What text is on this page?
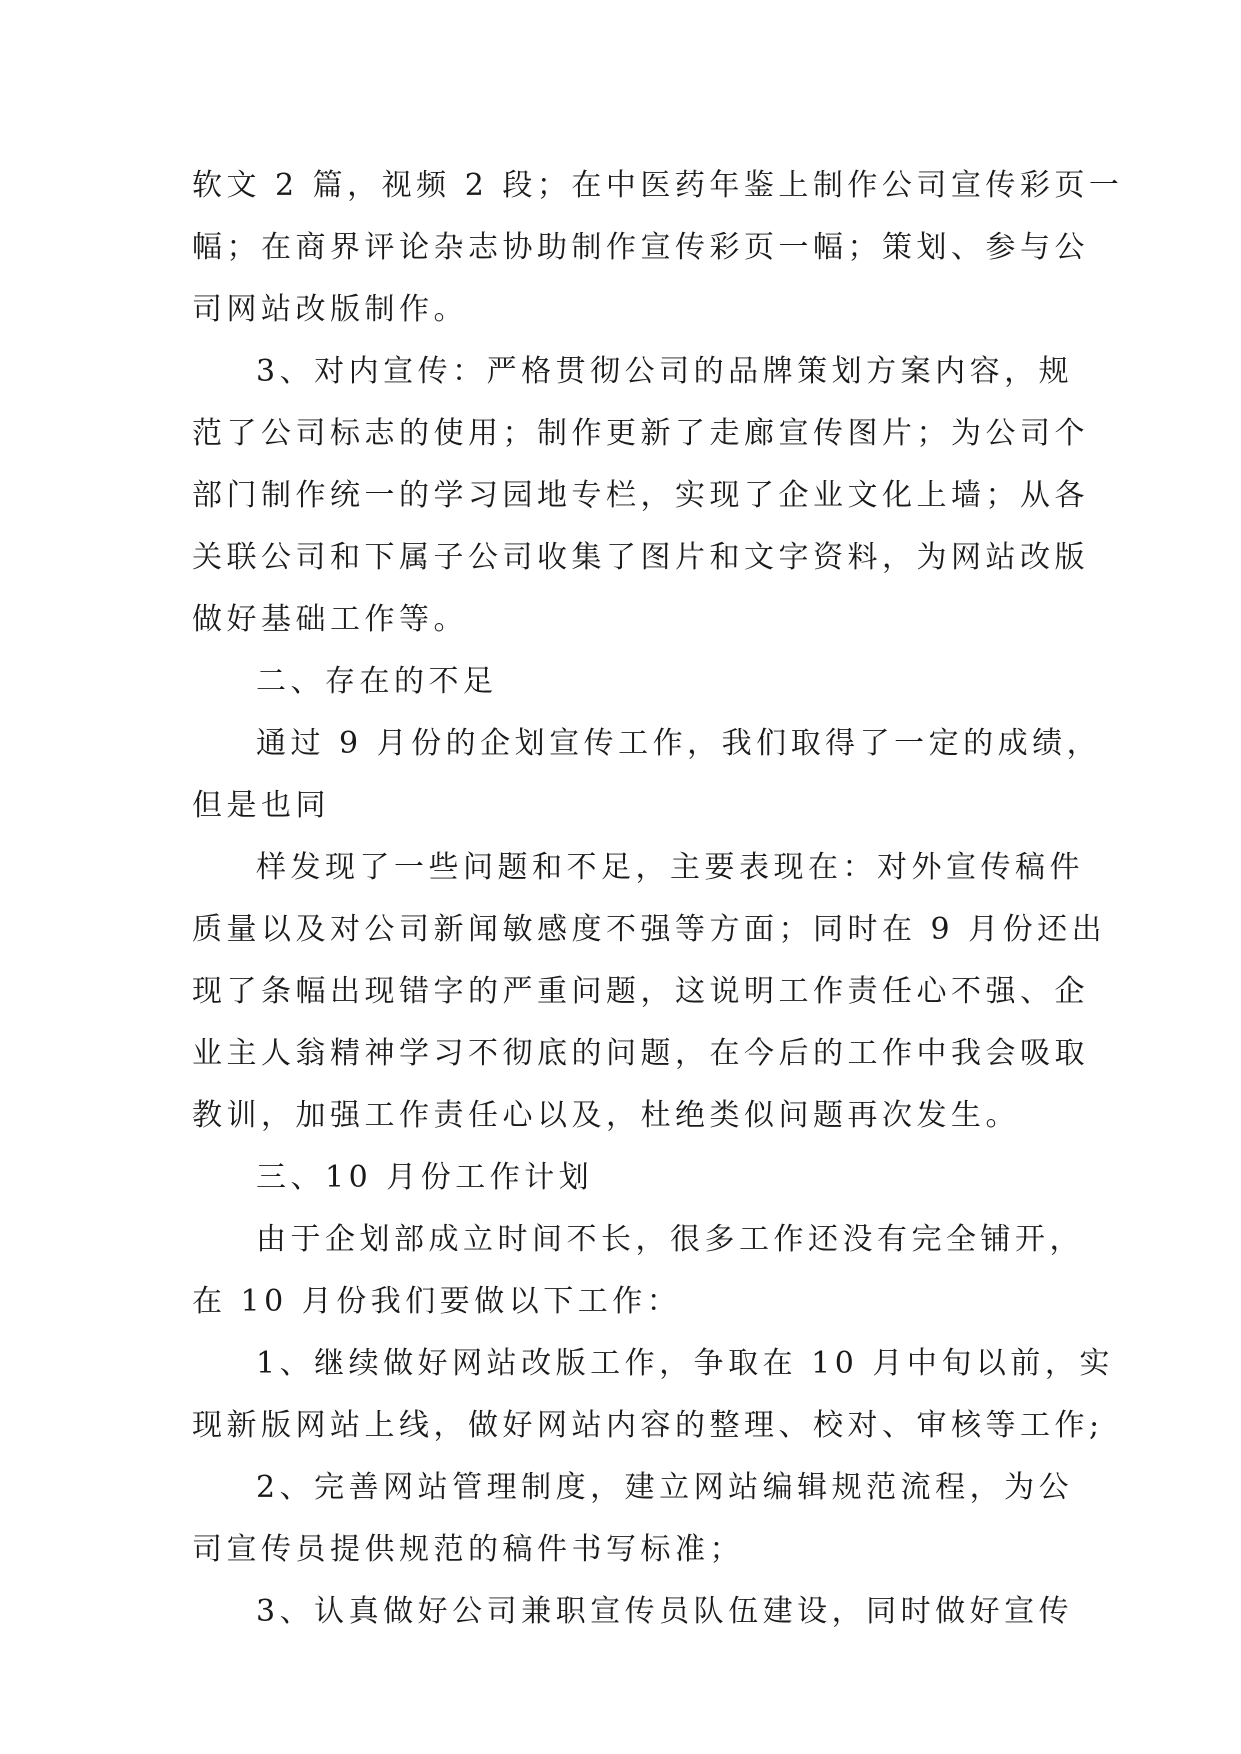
软文 2 篇，视频 2 段；在中医药年鉴上制作公司宣传彩页一
幅；在商界评论杂志协助制作宣传彩页一幅；策划、参与公
司网站改版制作。
3、对内宣传：严格贯彻公司的品牌策划方案内容，规
范了公司标志的使用；制作更新了走廊宣传图片；为公司个
部门制作统一的学习园地专栏，实现了企业文化上墙；从各
关联公司和下属子公司收集了图片和文字资料，为网站改版
做好基础工作等。
二、存在的不足
通过 9 月份的企划宣传工作，我们取得了一定的成绩，
但是也同
样发现了一些问题和不足，主要表现在：对外宣传稿件
质量以及对公司新闻敏感度不强等方面；同时在 9 月份还出
现了条幅出现错字的严重问题，这说明工作责任心不强、企
业主人翁精神学习不彻底的问题，在今后的工作中我会吸取
教训，加强工作责任心以及，杜绝类似问题再次发生。
三、10 月份工作计划
由于企划部成立时间不长，很多工作还没有完全铺开，
在 10 月份我们要做以下工作：
1、继续做好网站改版工作，争取在 10 月中旬以前，实
现新版网站上线，做好网站内容的整理、校对、审核等工作;
2、完善网站管理制度，建立网站编辑规范流程，为公
司宣传员提供规范的稿件书写标准；
3、认真做好公司兼职宣传员队伍建设，同时做好宣传
